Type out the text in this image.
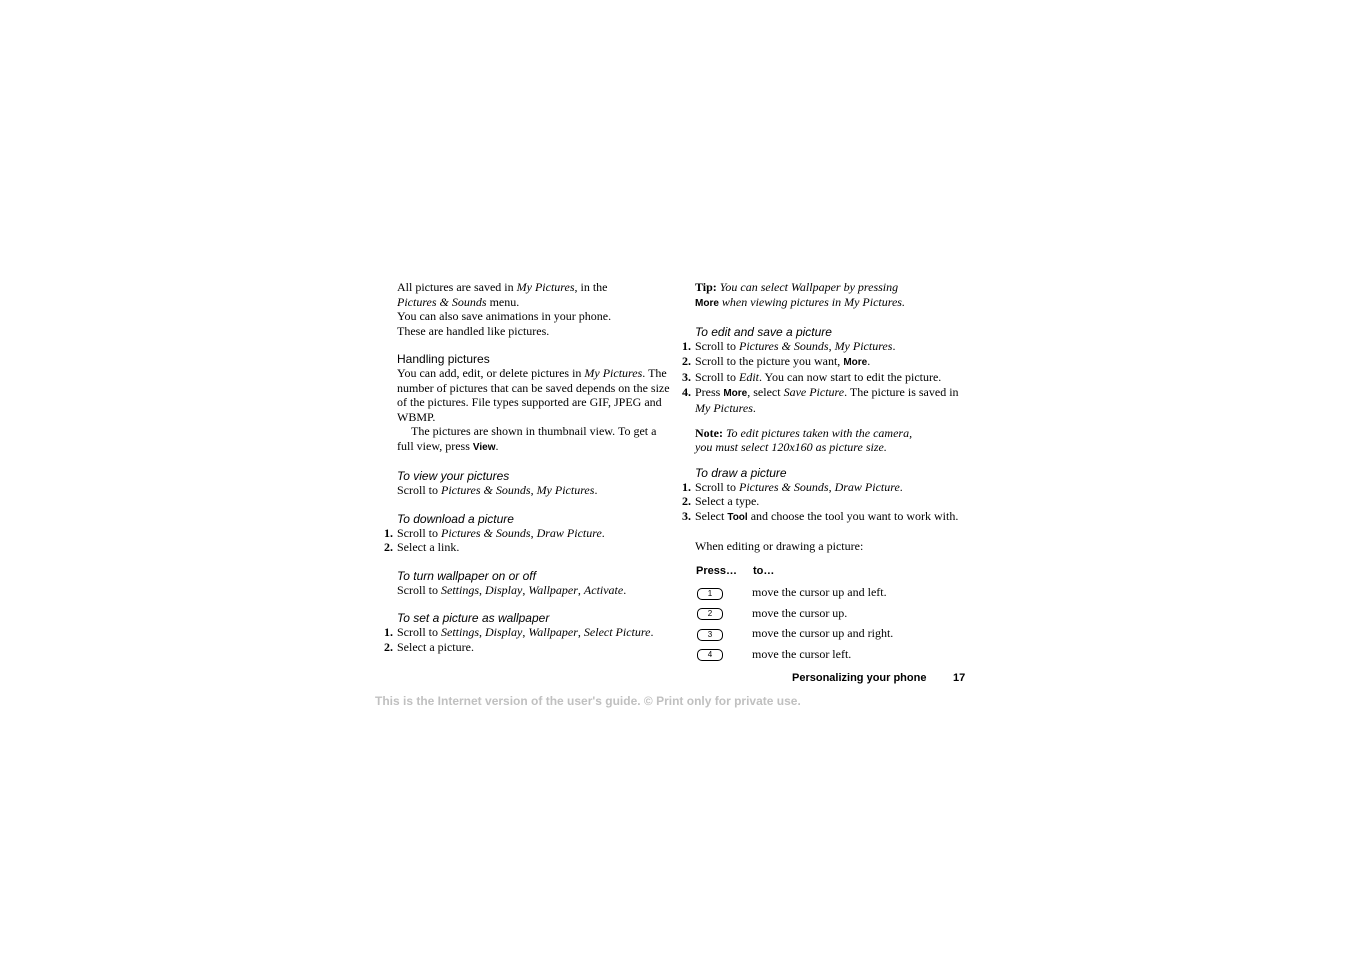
All pictures are saved in My Pictures, in the
Pictures & Sounds menu.
You can also save animations in your phone.
These are handled like pictures.

Handling pictures

You can add, edit, or delete pictures in My Pictures. The number of pictures that can be saved depends on the size of the pictures. File types supported are GIF, JPEG and WBMP.

The pictures are shown in thumbnail view. To get a full view, press View.

To view your pictures

Scroll to Pictures & Sounds, My Pictures.

To download a picture

1. Scroll to Pictures & Sounds, Draw Picture.

2. Select a link.

To turn wallpaper on or off

Scroll to Settings, Display, Wallpaper, Activate.

To set a picture as wallpaper

1. Scroll to Settings, Display, Wallpaper, Select Picture.

2. Select a picture.

Tip: You can select Wallpaper by pressing
More when viewing pictures in My Pictures.

To edit and save a picture

1. Scroll to Pictures & Sounds, My Pictures.

2. Scroll to the picture you want, More.

3. Scroll to Edit. You can now start to edit the picture.

4. Press More, select Save Picture. The picture is saved in My Pictures.

Note: To edit pictures taken with the camera,
you must select 120x160 as picture size.

To draw a picture

1. Scroll to Pictures & Sounds, Draw Picture.

2. Select a type.

3. Select Tool and choose the tool you want to work with.

When editing or drawing a picture:

Press…	to…
1	move the cursor up and left.
2	move the cursor up.
3	move the cursor up and right.
4	move the cursor left.
Personalizing your phone 17
This is the Internet version of the user's guide. © Print only for private use.
